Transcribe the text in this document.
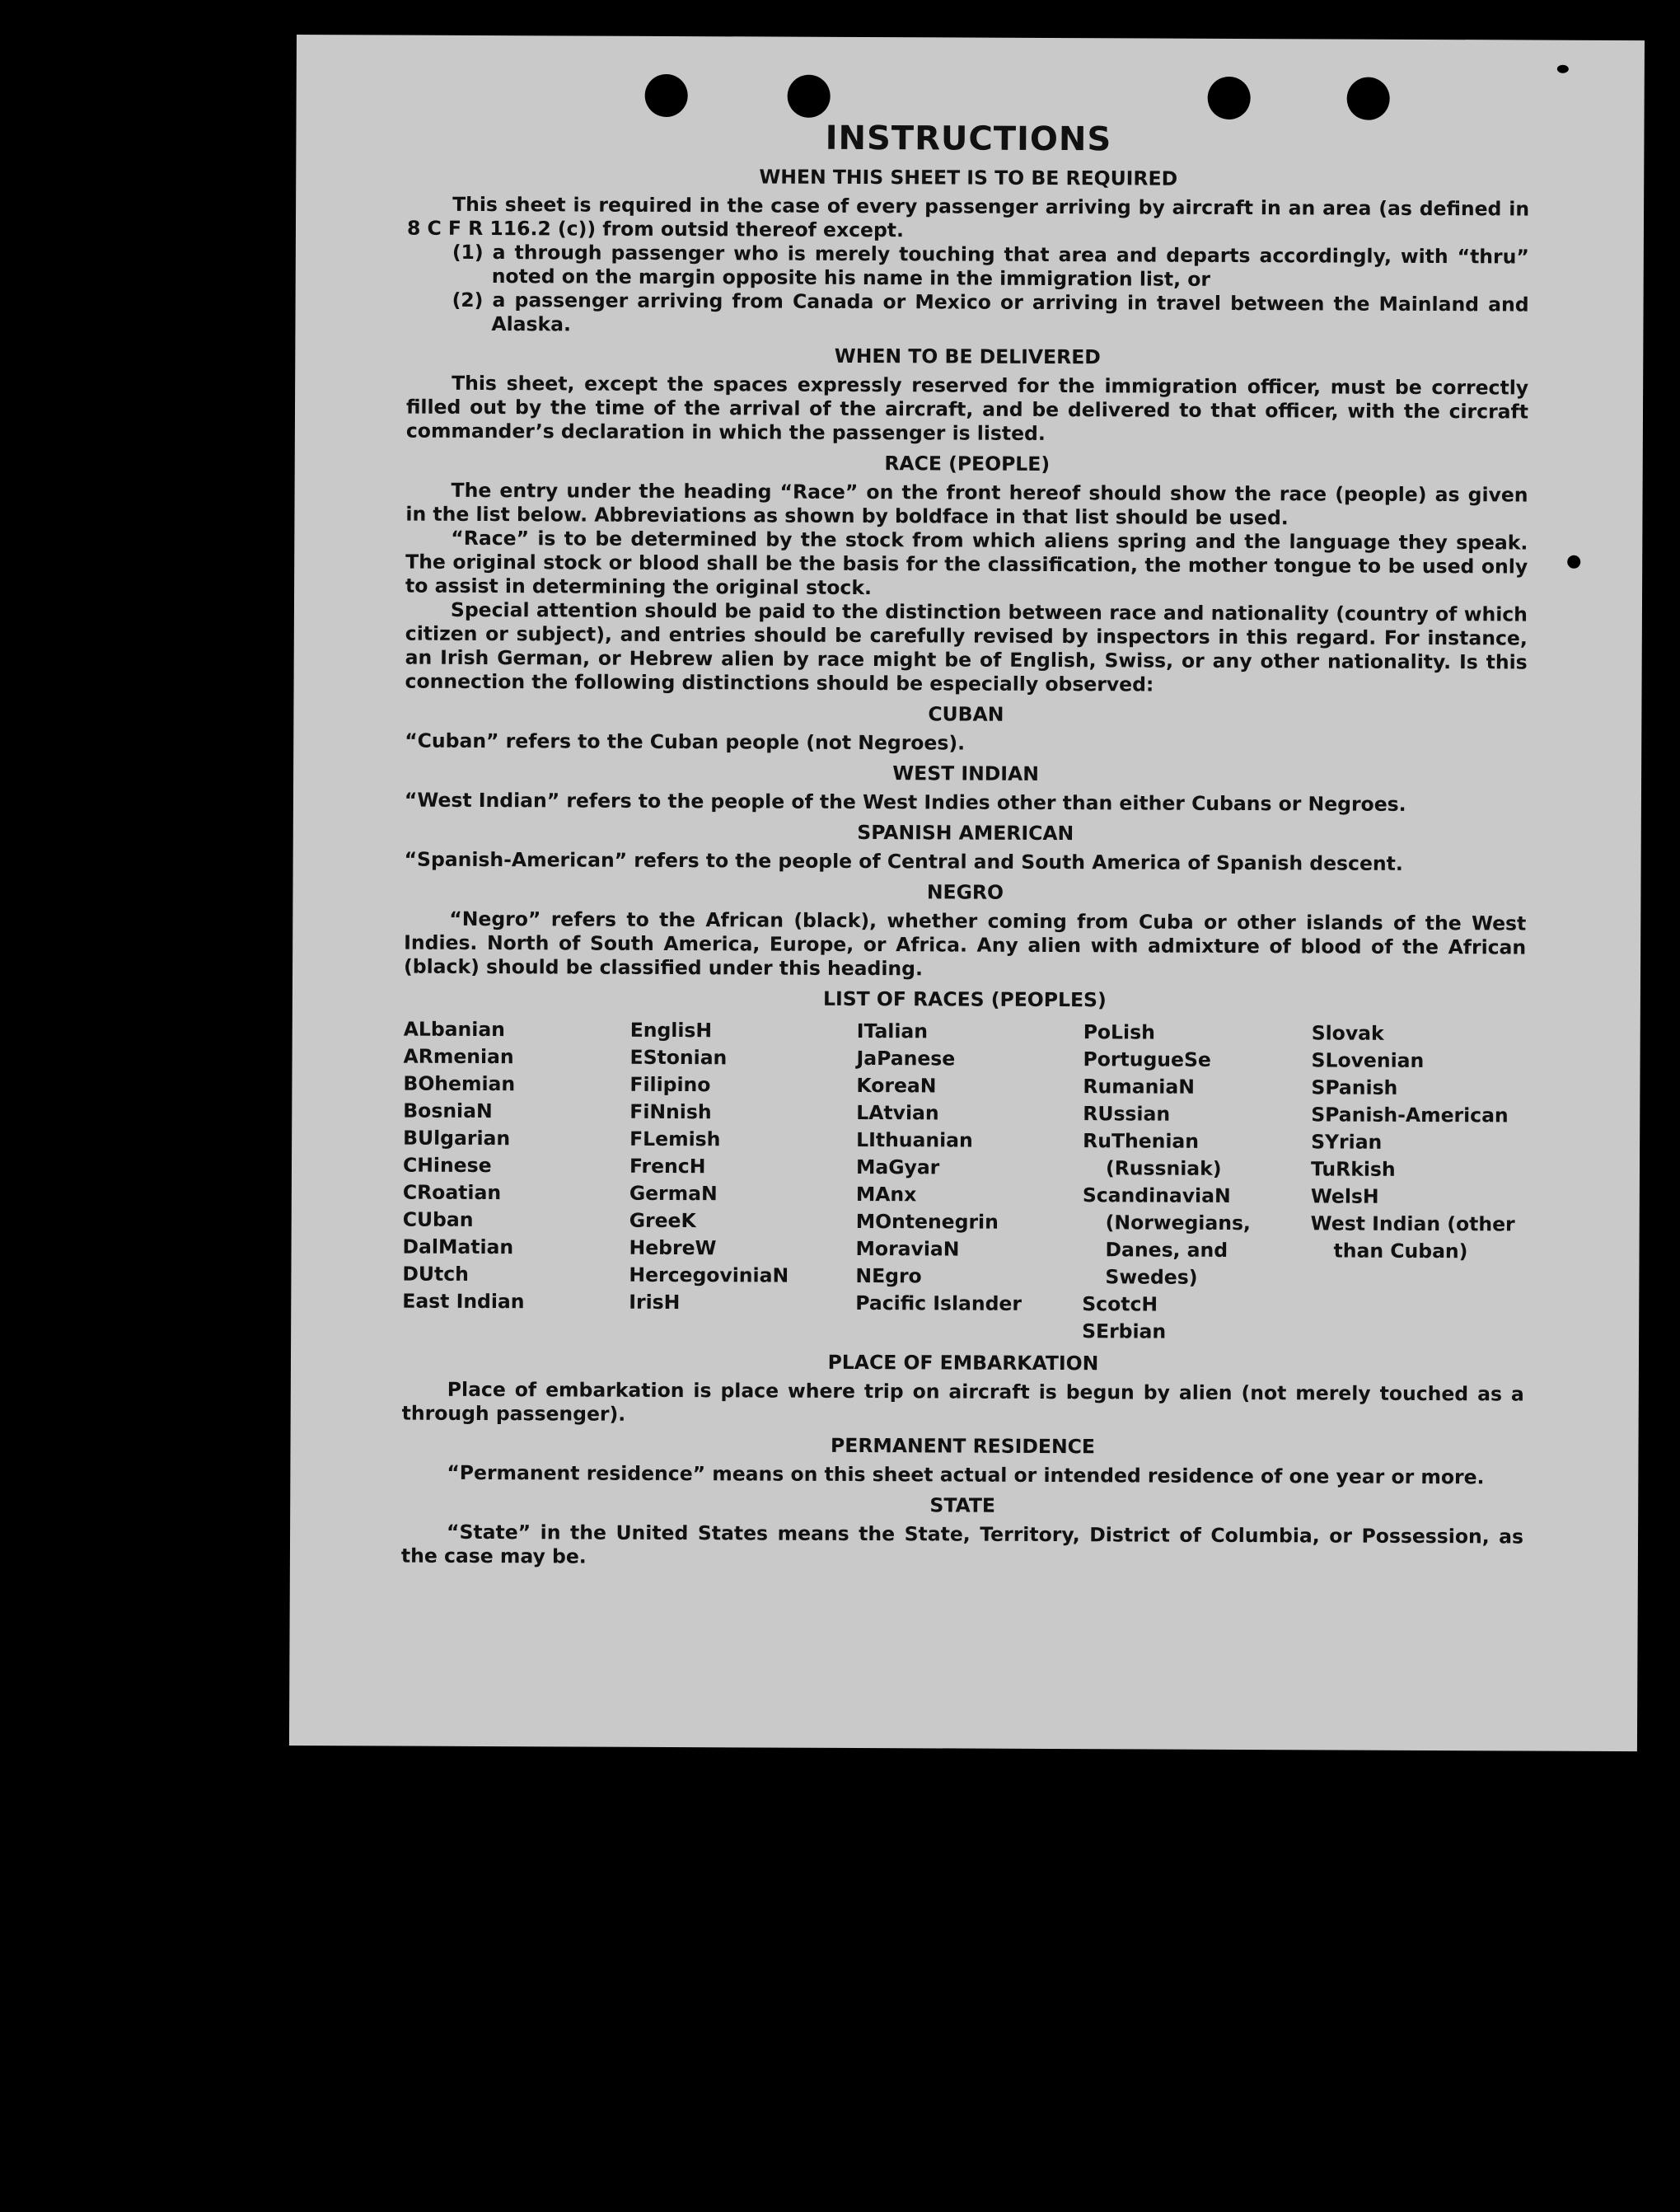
INSTRUCTIONS
WHEN THIS SHEET IS TO BE REQUIRED

This sheet is required in the case of every passenger arriving by aircraft in an area (as defined in 8 C F R 116.2 (c)) from outsid thereof except.

(1) a through passenger who is merely touching that area and departs accordingly, with “thru” noted on the margin opposite his name in the immigration list, or

(2) a passenger arriving from Canada or Mexico or arriving in travel between the Mainland and Alaska.

WHEN TO BE DELIVERED

This sheet, except the spaces expressly reserved for the immigration officer, must be correctly filled out by the time of the arrival of the aircraft, and be delivered to that officer, with the circraft commander’s declaration in which the passenger is listed.

RACE (PEOPLE)

The entry under the heading “Race” on the front hereof should show the race (people) as given in the list below. Abbreviations as shown by boldface in that list should be used.

“Race” is to be determined by the stock from which aliens spring and the language they speak. The original stock or blood shall be the basis for the classification, the mother tongue to be used only to assist in determining the original stock.

Special attention should be paid to the distinction between race and nationality (country of which citizen or subject), and entries should be carefully revised by inspectors in this regard. For instance, an Irish German, or Hebrew alien by race might be of English, Swiss, or any other nationality. Is this connection the following distinctions should be especially observed:

CUBAN

“Cuban” refers to the Cuban people (not Negroes).

WEST INDIAN

“West Indian” refers to the people of the West Indies other than either Cubans or Negroes.

SPANISH AMERICAN

“Spanish-American” refers to the people of Central and South America of Spanish descent.

NEGRO

“Negro” refers to the African (black), whether coming from Cuba or other islands of the West Indies. North of South America, Europe, or Africa. Any alien with admixture of blood of the African (black) should be classified under this heading.

LIST OF RACES (PEOPLES)
ALbanian
ARmenian
BOhemian
BosniaN
BUlgarian
CHinese
CRoatian
CUban
DalMatian
DUtch
East Indian
EnglisH
EStonian
Filipino
FiNnish
FLemish
FrencH
GermaN
GreeK
HebreW
HercegoviniaN
IrisH
ITalian
JaPanese
KoreaN
LAtvian
LIthuanian
MaGyar
MAnx
MOntenegrin
MoraviaN
NEgro
Pacific Islander
PoLish
PortugueSe
RumaniaN
RUssian
RuThenian (Russniak)
ScandinaviaN (Norwegians, Danes, and Swedes)
ScotcH
SErbian
Slovak
SLovenian
SPanish
SPanish-American
SYrian
TuRkish
WelsH
West Indian (other than Cuban)
PLACE OF EMBARKATION

Place of embarkation is place where trip on aircraft is begun by alien (not merely touched as a through passenger).

PERMANENT RESIDENCE

“Permanent residence” means on this sheet actual or intended residence of one year or more.

STATE

“State” in the United States means the State, Territory, District of Columbia, or Possession, as the case may be.
